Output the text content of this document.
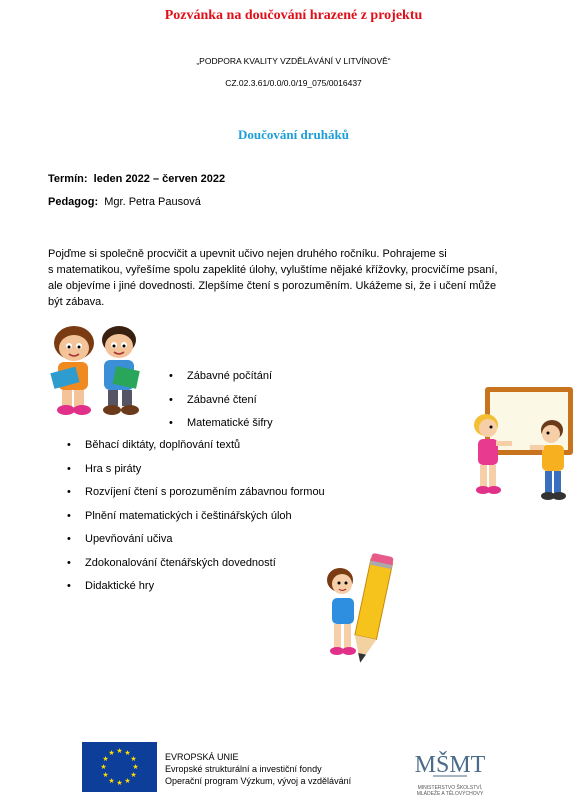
Pozvánka na doučování hrazené z projektu
„PODPORA KVALITY VZDĚLÁVÁNÍ V LITVÍNOVĚ“
CZ.02.3.61/0.0/0.0/19_075/0016437
Doučování druháků
Termín: leden 2022 – červen 2022
Pedagog: Mgr. Petra Pausová
Pojďme si společně procvičit a upevnit učivo nejen druhého ročníku. Pohrajeme si
s matematikou, vyřešíme spolu zapeklité úlohy, vyluštíme nějaké křížovky, procvičíme psaní,
ale objevíme i jiné dovednosti. Zlepšíme čtení s porozuměním. Ukážeme si, že i učení může
být zábava.
• Zábavné počítání
• Zábavné čtení
• Matematické šifry
• Běhací diktáty, doplňování textů
• Hra s piráty
• Rozvíjení čtení s porozuměním zábavnou formou
• Plnění matematických i češtinářských úloh
• Upevňování učiva
• Zdokonalování čtenářských dovedností
• Didaktické hry
★ ★
★
★
★
★
★
★
★
★
★
★	EVROPSKÁ UNIE
Evropské strukturální a investiční fondy
Operační program Výzkum, vývoj a vzdělávání
MŠMT
MINISTERSTVO ŠKOLSTVÍ,
MLÁDEŽE A TĚLOVÝCHOVY
